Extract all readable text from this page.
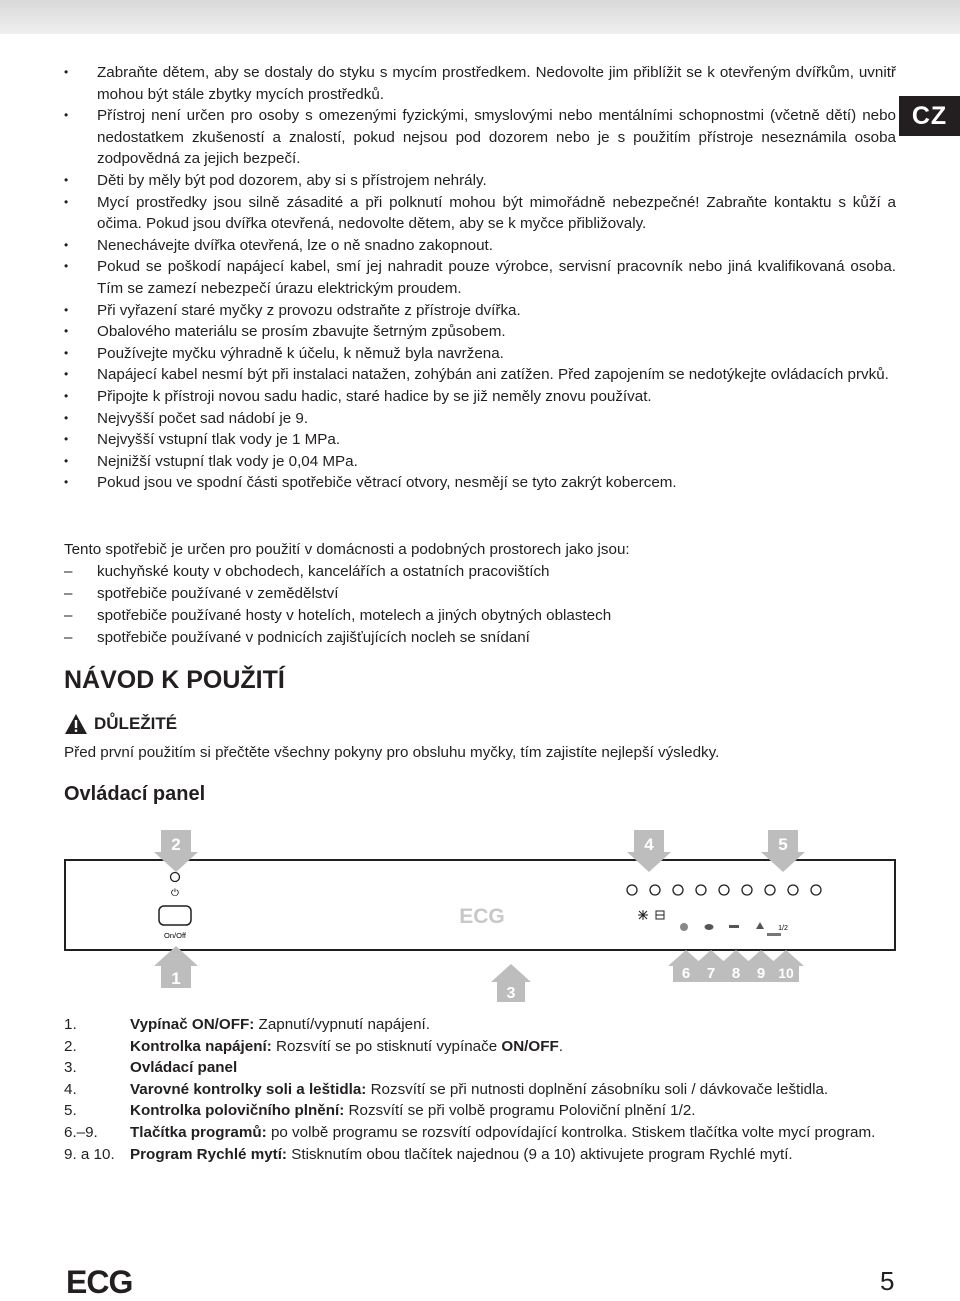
CZ
• Zabraňte dětem, aby se dostaly do styku s mycím prostředkem. Nedovolte jim přiblížit se k otevřeným dvířkům, uvnitř mohou být stále zbytky mycích prostředků.
• Přístroj není určen pro osoby s omezenými fyzickými, smyslovými nebo mentálními schopnostmi (včetně dětí) nebo nedostatkem zkušeností a znalostí, pokud nejsou pod dozorem nebo je s použitím přístroje neseznámila osoba zodpovědná za jejich bezpečí.
• Děti by měly být pod dozorem, aby si s přístrojem nehrály.
• Mycí prostředky jsou silně zásadité a při polknutí mohou být mimořádně nebezpečné! Zabraňte kontaktu s kůží a očima. Pokud jsou dvířka otevřená, nedovolte dětem, aby se k myčce přibližovaly.
• Nenechávejte dvířka otevřená, lze o ně snadno zakopnout.
• Pokud se poškodí napájecí kabel, smí jej nahradit pouze výrobce, servisní pracovník nebo jiná kvalifikovaná osoba. Tím se zamezí nebezpečí úrazu elektrickým proudem.
• Při vyřazení staré myčky z provozu odstraňte z přístroje dvířka.
• Obalového materiálu se prosím zbavujte šetrným způsobem.
• Používejte myčku výhradně k účelu, k němuž byla navržena.
• Napájecí kabel nesmí být při instalaci natažen, zohýbán ani zatížen. Před zapojením se nedotýkejte ovládacích prvků.
• Připojte k přístroji novou sadu hadic, staré hadice by se již neměly znovu používat.
• Nejvyšší počet sad nádobí je 9.
• Nejvyšší vstupní tlak vody je 1 MPa.
• Nejnižší vstupní tlak vody je 0,04 MPa.
• Pokud jsou ve spodní části spotřebiče větrací otvory, nesmějí se tyto zakrýt kobercem.

Tento spotřebič je určen pro použití v domácnosti a podobných prostorech jako jsou:

– kuchyňské kouty v obchodech, kancelářích a ostatních pracovištích
– spotřebiče používané v zemědělství
– spotřebiče používané hosty v hotelích, motelech a jiných obytných oblastech
– spotřebiče používané v podnicích zajišťujících nocleh se snídaní
NÁVOD K POUŽITÍ
DŮLEŽITÉ

Před první použitím si přečtěte všechny pokyny pro obsluhu myčky, tím zajistíte nejlepší výsledky.

Ovládací panel
⏻
On/Off
ECG
1/2
2	4	5
1
3
6 7 8 9 10
1.	Vypínač ON/OFF: Zapnutí/vypnutí napájení.
2.	Kontrolka napájení: Rozsvítí se po stisknutí vypínače ON/OFF.
3.	Ovládací panel
4.	Varovné kontrolky soli a leštidla: Rozsvítí se při nutnosti doplnění zásobníku soli / dávkovače leštidla.
5.	Kontrolka polovičního plnění: Rozsvítí se při volbě programu Poloviční plnění 1/2.
6.–9.	Tlačítka programů: po volbě programu se rozsvítí odpovídající kontrolka. Stiskem tlačítka volte mycí program.
9. a 10.	Program Rychlé mytí: Stisknutím obou tlačítek najednou (9 a 10) aktivujete program Rychlé mytí.
ECG	5
